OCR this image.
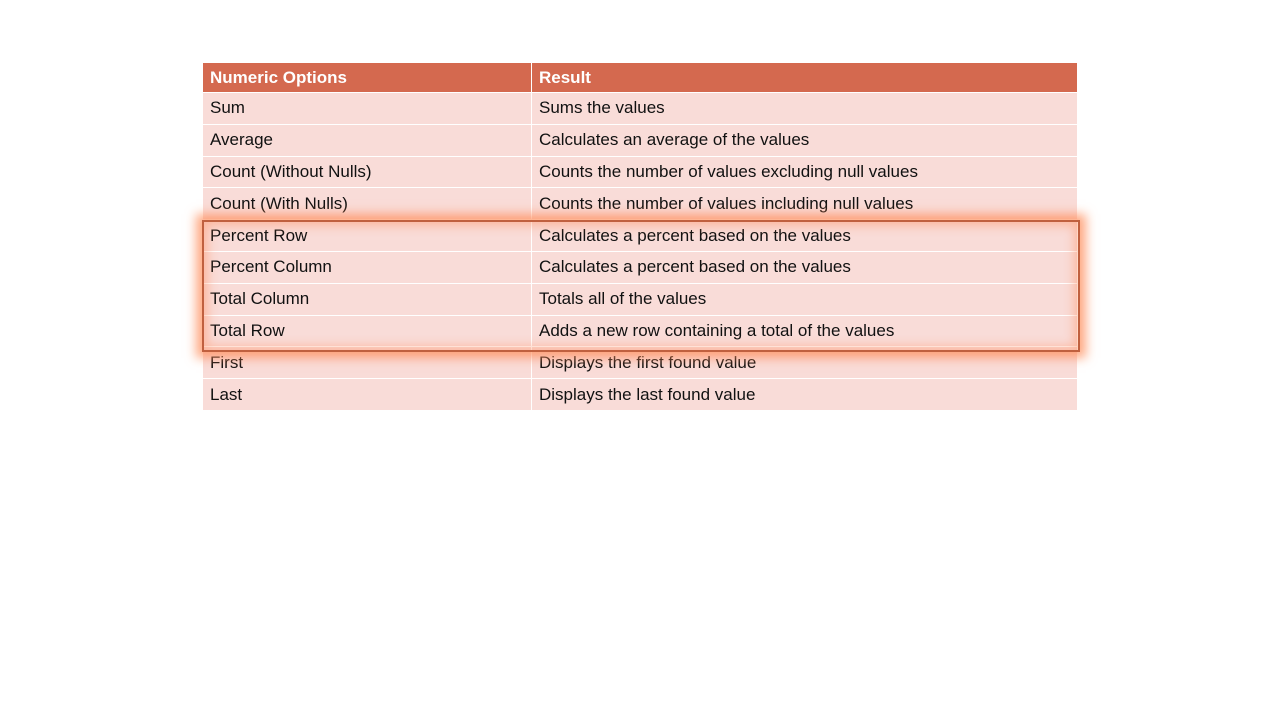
Numeric Options	Result
Sum	Sums the values
Average	Calculates an average of the values
Count (Without Nulls)	Counts the number of values excluding null values
Count (With Nulls)	Counts the number of values including null values
Percent Row	Calculates a percent based on the values
Percent Column	Calculates a percent based on the values
Total Column	Totals all of the values
Total Row	Adds a new row containing a total of the values
First	Displays the first found value
Last	Displays the last found value
